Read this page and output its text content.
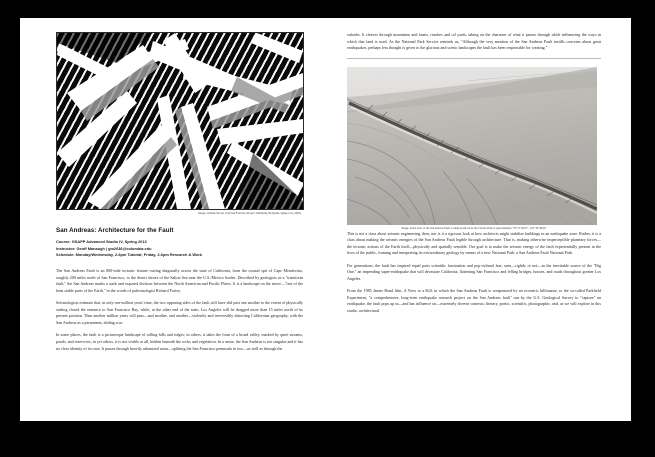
Image: Lebbeus Woods, from San Francisco Project: Inhabiting the Quake, Quake City (1995)
San Andreas: Architecture for the Fault
Course: GSAPP Advanced Studio IV, Spring 2013
Instructor: Geoff Manaugh | gm2636@columbia.edu
Schedule: Monday/Wednesday, 2-6pm Tutorial; Friday, 2-6pm Research & Work

The San Andreas Fault is an 800-mile tectonic feature cutting diagonally across the state of California, from the coastal spit of Cape Mendocino, roughly 200 miles north of San Francisco, to the desert shores of the Salton Sea near the U.S./Mexico border. Described by geologists as a "transform fault," the San Andreas marks a stark and exposed division between the North American and Pacific Plates. It is a landscape on the move—"one of the least stable parts of the Earth," in the words of paleontologist Richard Fortey.

Seismologists estimate that, in only one million years' time, the two opposing sides of the fault will have slid past one another to the extent of physically sealing closed the entrance to San Francisco Bay, while, at the other end of the state, Los Angeles will be dragged more than 15 miles north of its present position. Then another million years will pass—and another, and another—violently and irreversibly distorting Californian geography, with the San Andreas as a permanent, sliding scar.

In some places, the fault is a picturesque landscape of rolling hills and ridges; in others, it takes the form of a broad valley, marked by quiet streams, ponds, and reservoirs; in yet others, it is not visible at all, hidden beneath the rocks and vegetation. In a sense, the San Andreas is not singular and it has no clear identity of its own. It passes through heavily urbanized areas—splitting the San Francisco peninsula in two—as well as through the

suburbs. It cleaves through mountains and farms, ranches and oil yards, taking on the character of what it passes through while influencing the ways in which that land is used. As the National Park Service reminds us, "Although the very mention of the San Andreas Fault instills concerns about great earthquakes, perhaps less thought is given to the glorious and scenic landscapes the fault has been responsible for creating."

Image: Aerial view of the San Andreas Fault, looking north across the Carrizo Plain at approximately +35° 6' 49.81", 119° 38' 48.90"

This is not a class about seismic engineering, then, nor is it a rigorous look at how architects might stabilize buildings in an earthquake zone. Rather, it is a class about making the seismic energies of the San Andreas Fault legible through architecture. That is, making otherwise imperceptible planetary forces—the tectonic actions of the Earth itself—physically and spatially sensible. Our goal is to make the seismic energy of the fault experientially present in the lives of the public, framing and interpreting its extraordinary geology by means of a new National Park: a San Andreas Fault National Park.

For generations, the fault has inspired equal parts scientific fascination and pop-cultural fear, seen—rightly or not—as the inevitable source of the "Big One," an impending super-earthquake that will devastate California, flattening San Francisco and felling bridges, houses, and roads throughout greater Los Angeles.

From the 1985 James Bond film, A View to a Kill, in which the San Andreas Fault is weaponized by an eccentric billionaire, to the so-called Parkfield Experiment, "a comprehensive, long-term earthquake research project on the San Andreas fault" run by the U.S. Geological Survey to "capture" an earthquake, the fault pops up in—and has influence on—extremely diverse contexts: literary, poetic, scientific, photographic, and, as we will explore in this studio, architectural.
